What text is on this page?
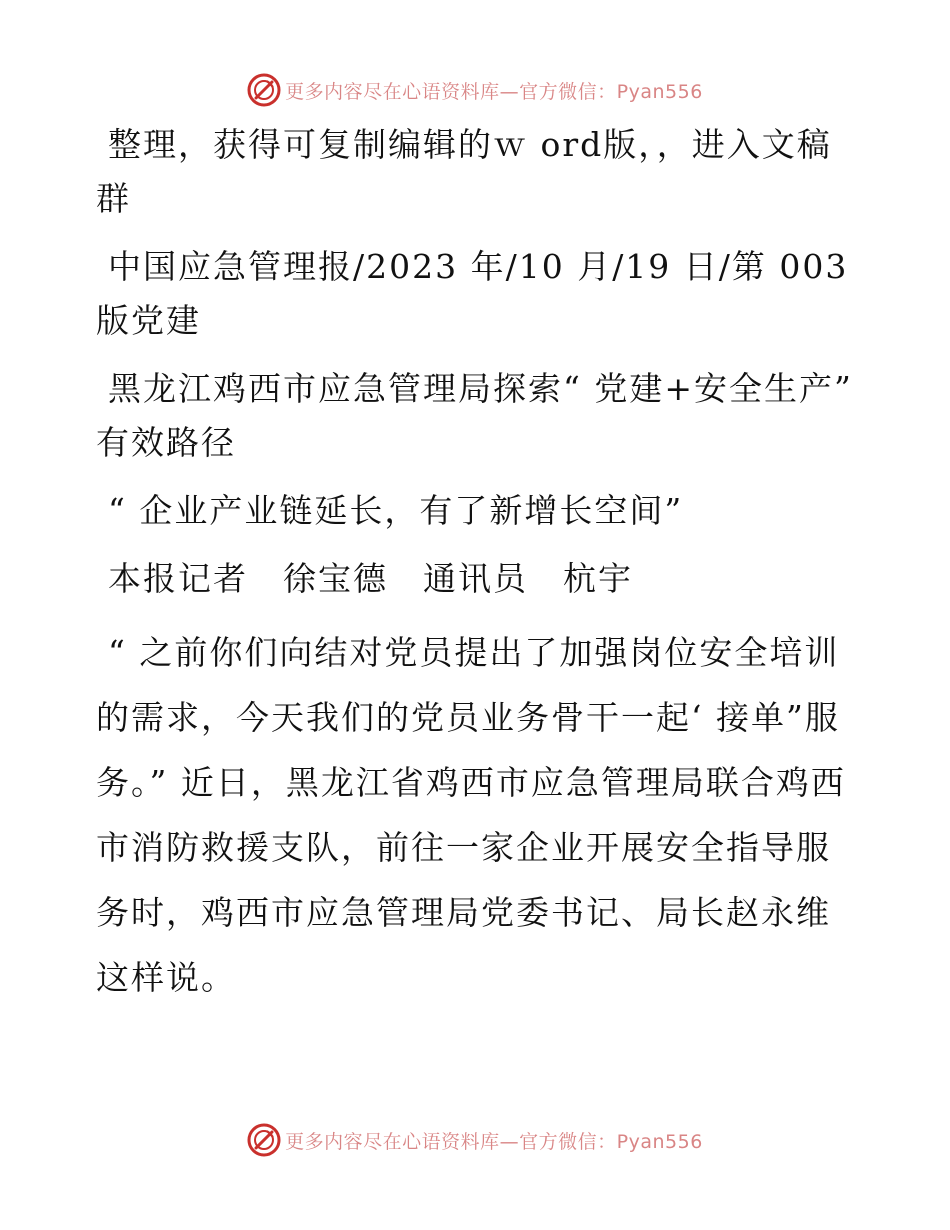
更多内容尽在心语资料库—官方微信：Pyan556

整理，获得可复制编辑的ｗ ord版，，进入文稿群

中国应急管理报/2023 年/10 月/19 日/第 003 版党建

黑龙江鸡西市应急管理局探索“ 党建+安全生产” 有效路径

“ 企业产业链延长，有了新增长空间”

本报记者　徐宝德　通讯员　杭宇

“ 之前你们向结对党员提出了加强岗位安全培训的需求，今天我们的党员业务骨干一起‘ 接单”服务。” 近日，黑龙江省鸡西市应急管理局联合鸡西市消防救援支队，前往一家企业开展安全指导服务时，鸡西市应急管理局党委书记、局长赵永维这样说。

更多内容尽在心语资料库—官方微信：Pyan556
